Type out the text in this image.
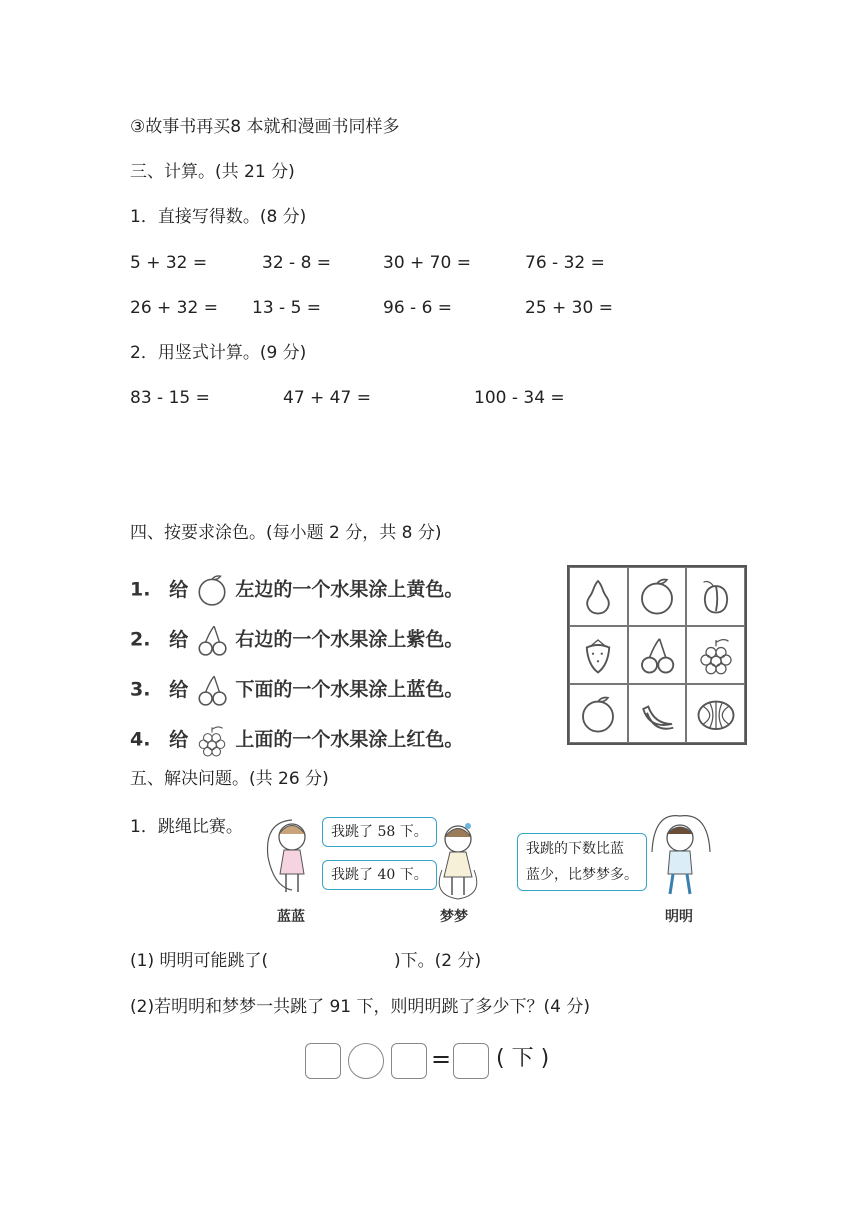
③故事书再买8 本就和漫画书同样多
三、计算。(共 21 分)
1．直接写得数。(8 分)
5 + 32 =	32 - 8 =	30 + 70 =	76 - 32 =
26 + 32 = 13 - 5 =	96 - 6 =	25 + 30 =
2．用竖式计算。(9 分)
83 - 15 =	47 + 47 =	100 - 34 =
四、按要求涂色。(每小题 2 分，共 8 分)
1. 给 左边的一个水果涂上黄色。
2. 给 右边的一个水果涂上紫色。
3. 给 下面的一个水果涂上蓝色。
4. 给 上面的一个水果涂上红色。
五、解决问题。(共 26 分)
1．跳绳比赛。	我跳了 58 下。
我跳了 40 下。
我跳的下数比蓝
蓝少，比梦梦多。
蓝蓝	梦梦	明明
(1) 明明可能跳了(	)下。(2 分)
(2)若明明和梦梦一共跳了 91 下，则明明跳了多少下？(4 分)
= ( 下 )
